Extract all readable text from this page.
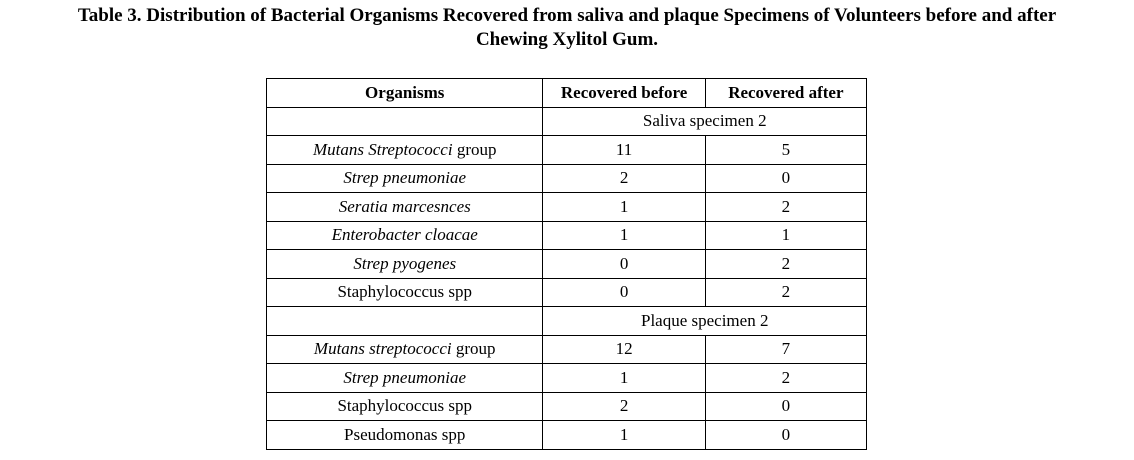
Table 3. Distribution of Bacterial Organisms Recovered from saliva and plaque Specimens of Volunteers before and after
Chewing Xylitol Gum.
Organisms	Recovered before	Recovered after
	Saliva specimen 2	
Mutans Streptococci group	11	5
Strep pneumoniae	2	0
Seratia marcesnces	1	2
Enterobacter cloacae	1	1
Strep pyogenes	0	2
Staphylococcus spp	0	2
	Plaque specimen 2	
Mutans streptococci group	12	7
Strep pneumoniae	1	2
Staphylococcus spp	2	0
Pseudomonas spp	1	0
